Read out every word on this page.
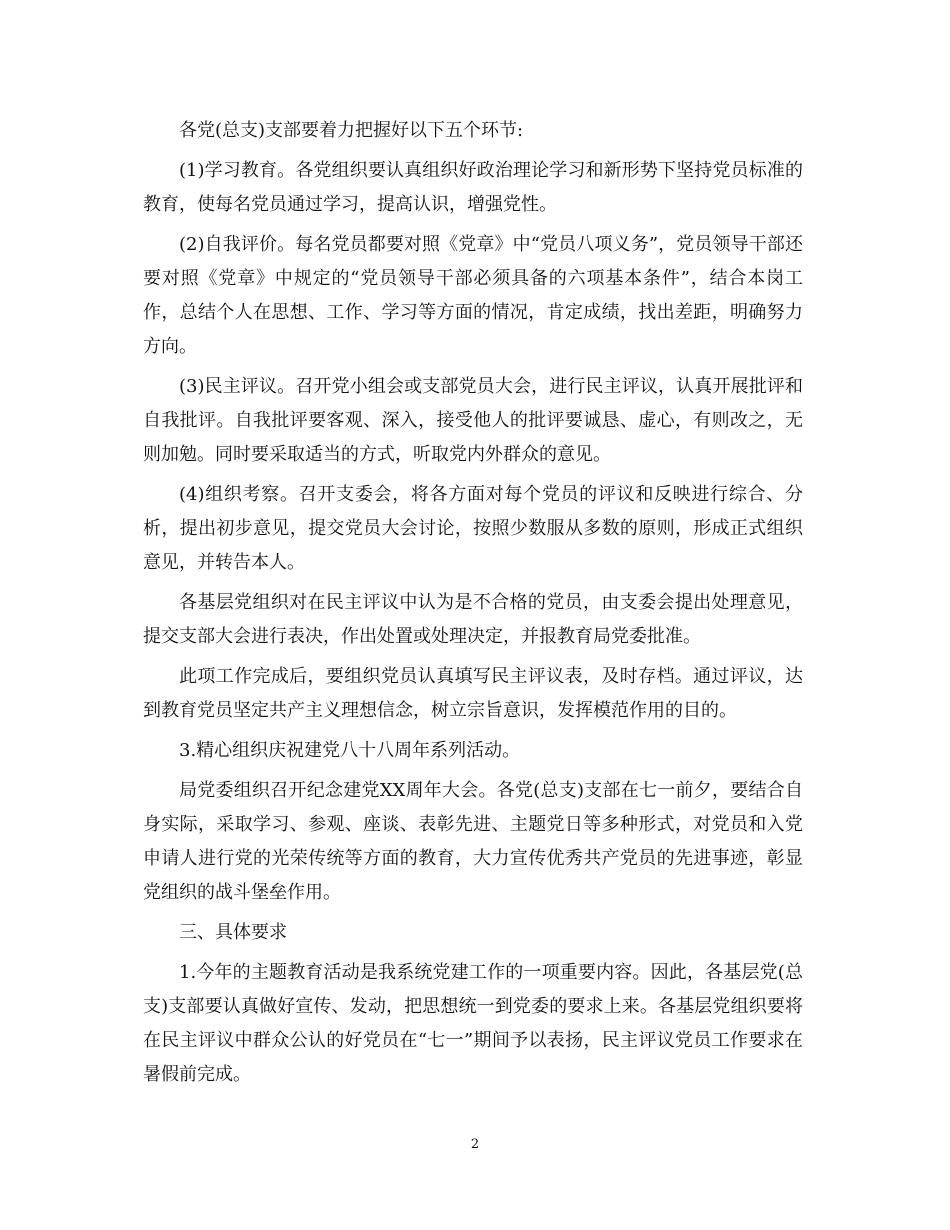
各党(总支)支部要着力把握好以下五个环节:

(1)学习教育。各党组织要认真组织好政治理论学习和新形势下坚持党员标准的教育，使每名党员通过学习，提高认识，增强党性。

(2)自我评价。每名党员都要对照《党章》中“党员八项义务”，党员领导干部还要对照《党章》中规定的“党员领导干部必须具备的六项基本条件”，结合本岗工作，总结个人在思想、工作、学习等方面的情况，肯定成绩，找出差距，明确努力方向。

(3)民主评议。召开党小组会或支部党员大会，进行民主评议，认真开展批评和自我批评。自我批评要客观、深入，接受他人的批评要诚恳、虚心，有则改之，无则加勉。同时要采取适当的方式，听取党内外群众的意见。

(4)组织考察。召开支委会，将各方面对每个党员的评议和反映进行综合、分析，提出初步意见，提交党员大会讨论，按照少数服从多数的原则，形成正式组织意见，并转告本人。

各基层党组织对在民主评议中认为是不合格的党员，由支委会提出处理意见，提交支部大会进行表决，作出处置或处理决定，并报教育局党委批准。

此项工作完成后，要组织党员认真填写民主评议表，及时存档。通过评议，达到教育党员坚定共产主义理想信念，树立宗旨意识，发挥模范作用的目的。

3.精心组织庆祝建党八十八周年系列活动。

局党委组织召开纪念建党XX周年大会。各党(总支)支部在七一前夕，要结合自身实际，采取学习、参观、座谈、表彰先进、主题党日等多种形式，对党员和入党申请人进行党的光荣传统等方面的教育，大力宣传优秀共产党员的先进事迹，彰显党组织的战斗堡垒作用。

三、具体要求

1.今年的主题教育活动是我系统党建工作的一项重要内容。因此，各基层党(总支)支部要认真做好宣传、发动，把思想统一到党委的要求上来。各基层党组织要将在民主评议中群众公认的好党员在“七一”期间予以表扬，民主评议党员工作要求在暑假前完成。

2
